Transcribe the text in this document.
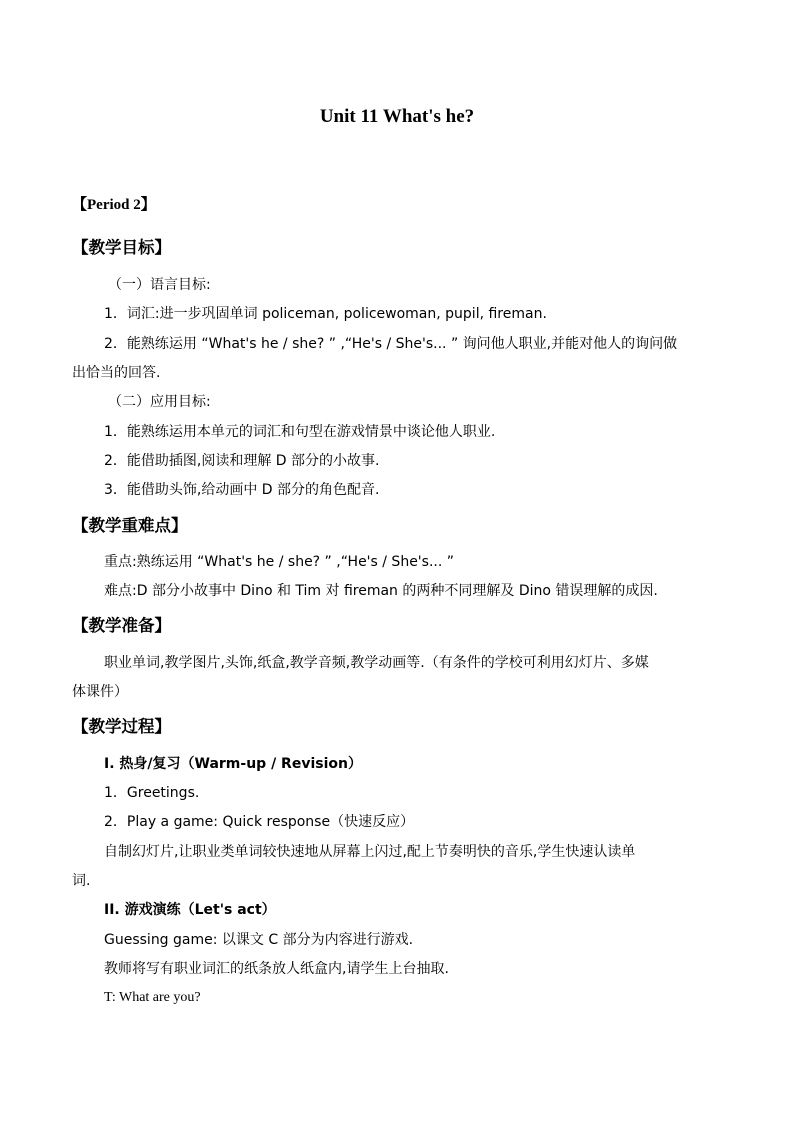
Unit 11 What's he?
【Period 2】
【教学目标】
（一）语言目标:
1．词汇:进一步巩固单词 policeman, policewoman, pupil, fireman.
2．能熟练运用 “What's he / she? ” ,“He's / She's... ” 询问他人职业,并能对他人的询问做
出恰当的回答.
（二）应用目标:
1．能熟练运用本单元的词汇和句型在游戏情景中谈论他人职业.
2．能借助插图,阅读和理解 D 部分的小故事.
3．能借助头饰,给动画中 D 部分的角色配音.
【教学重难点】
重点:熟练运用 “What's he / she? ” ,“He's / She's... ”
难点:D 部分小故事中 Dino 和 Tim 对 fireman 的两种不同理解及 Dino 错误理解的成因.
【教学准备】
职业单词,教学图片,头饰,纸盒,教学音频,教学动画等.（有条件的学校可利用幻灯片、多媒
体课件）
【教学过程】
I. 热身/复习（Warm-up / Revision）
1．Greetings.
2．Play a game: Quick response（快速反应）
自制幻灯片,让职业类单词较快速地从屏幕上闪过,配上节奏明快的音乐,学生快速认读单
词.
II. 游戏演练（Let's act）
Guessing game: 以课文 C 部分为内容进行游戏.
教师将写有职业词汇的纸条放人纸盒内,请学生上台抽取.
T: What are you?
